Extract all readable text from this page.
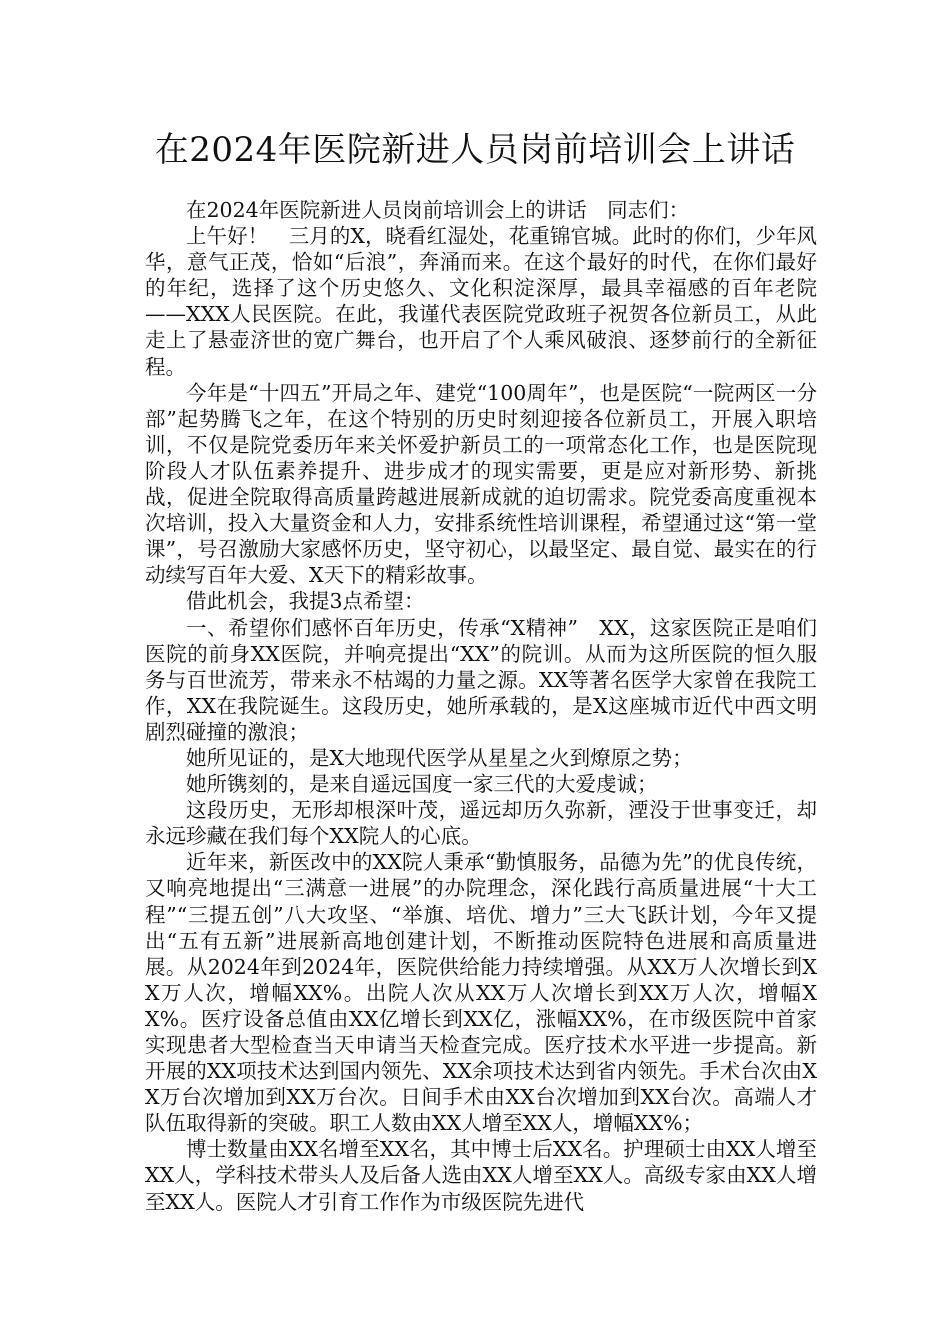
在2024年医院新进人员岗前培训会上讲话

在2024年医院新进人员岗前培训会上的讲话　同志们：

上午好！　三月的X，晓看红湿处，花重锦官城。此时的你们，少年风华，意气正茂，恰如“后浪”，奔涌而来。在这个最好的时代，在你们最好的年纪，选择了这个历史悠久、文化积淀深厚，最具幸福感的百年老院——XXX人民医院。在此，我谨代表医院党政班子祝贺各位新员工，从此走上了悬壶济世的宽广舞台，也开启了个人乘风破浪、逐梦前行的全新征程。

今年是“十四五”开局之年、建党“100周年”，也是医院“一院两区一分部”起势腾飞之年，在这个特别的历史时刻迎接各位新员工，开展入职培训，不仅是院党委历年来关怀爱护新员工的一项常态化工作，也是医院现阶段人才队伍素养提升、进步成才的现实需要，更是应对新形势、新挑战，促进全院取得高质量跨越进展新成就的迫切需求。院党委高度重视本次培训，投入大量资金和人力，安排系统性培训课程，希望通过这“第一堂课”，号召激励大家感怀历史，坚守初心，以最坚定、最自觉、最实在的行动续写百年大爱、X天下的精彩故事。

借此机会，我提3点希望：

一、希望你们感怀百年历史，传承“X精神”　XX，这家医院正是咱们医院的前身XX医院，并响亮提出“XX”的院训。从而为这所医院的恒久服务与百世流芳，带来永不枯竭的力量之源。XX等著名医学大家曾在我院工作，XX在我院诞生。这段历史，她所承载的，是X这座城市近代中西文明剧烈碰撞的激浪；

她所见证的，是X大地现代医学从星星之火到燎原之势；

她所镌刻的，是来自遥远国度一家三代的大爱虔诚；

这段历史，无形却根深叶茂，遥远却历久弥新，湮没于世事变迁，却永远珍藏在我们每个XX院人的心底。

近年来，新医改中的XX院人秉承“勤慎服务，品德为先”的优良传统，又响亮地提出“三满意一进展”的办院理念，深化践行高质量进展“十大工程”“三提五创”八大攻坚、“举旗、培优、增力”三大飞跃计划，今年又提出“五有五新”进展新高地创建计划，不断推动医院特色进展和高质量进展。从2024年到2024年，医院供给能力持续增强。从XX万人次增长到XX万人次，增幅XX%。出院人次从XX万人次增长到XX万人次，增幅XX%。医疗设备总值由XX亿增长到XX亿，涨幅XX%，在市级医院中首家实现患者大型检查当天申请当天检查完成。医疗技术水平进一步提高。新开展的XX项技术达到国内领先、XX余项技术达到省内领先。手术台次由XX万台次增加到XX万台次。日间手术由XX台次增加到XX台次。高端人才队伍取得新的突破。职工人数由XX人增至XX人，增幅XX%；

博士数量由XX名增至XX名，其中博士后XX名。护理硕士由XX人增至XX人，学科技术带头人及后备人选由XX人增至XX人。高级专家由XX人增至XX人。医院人才引育工作作为市级医院先进代
